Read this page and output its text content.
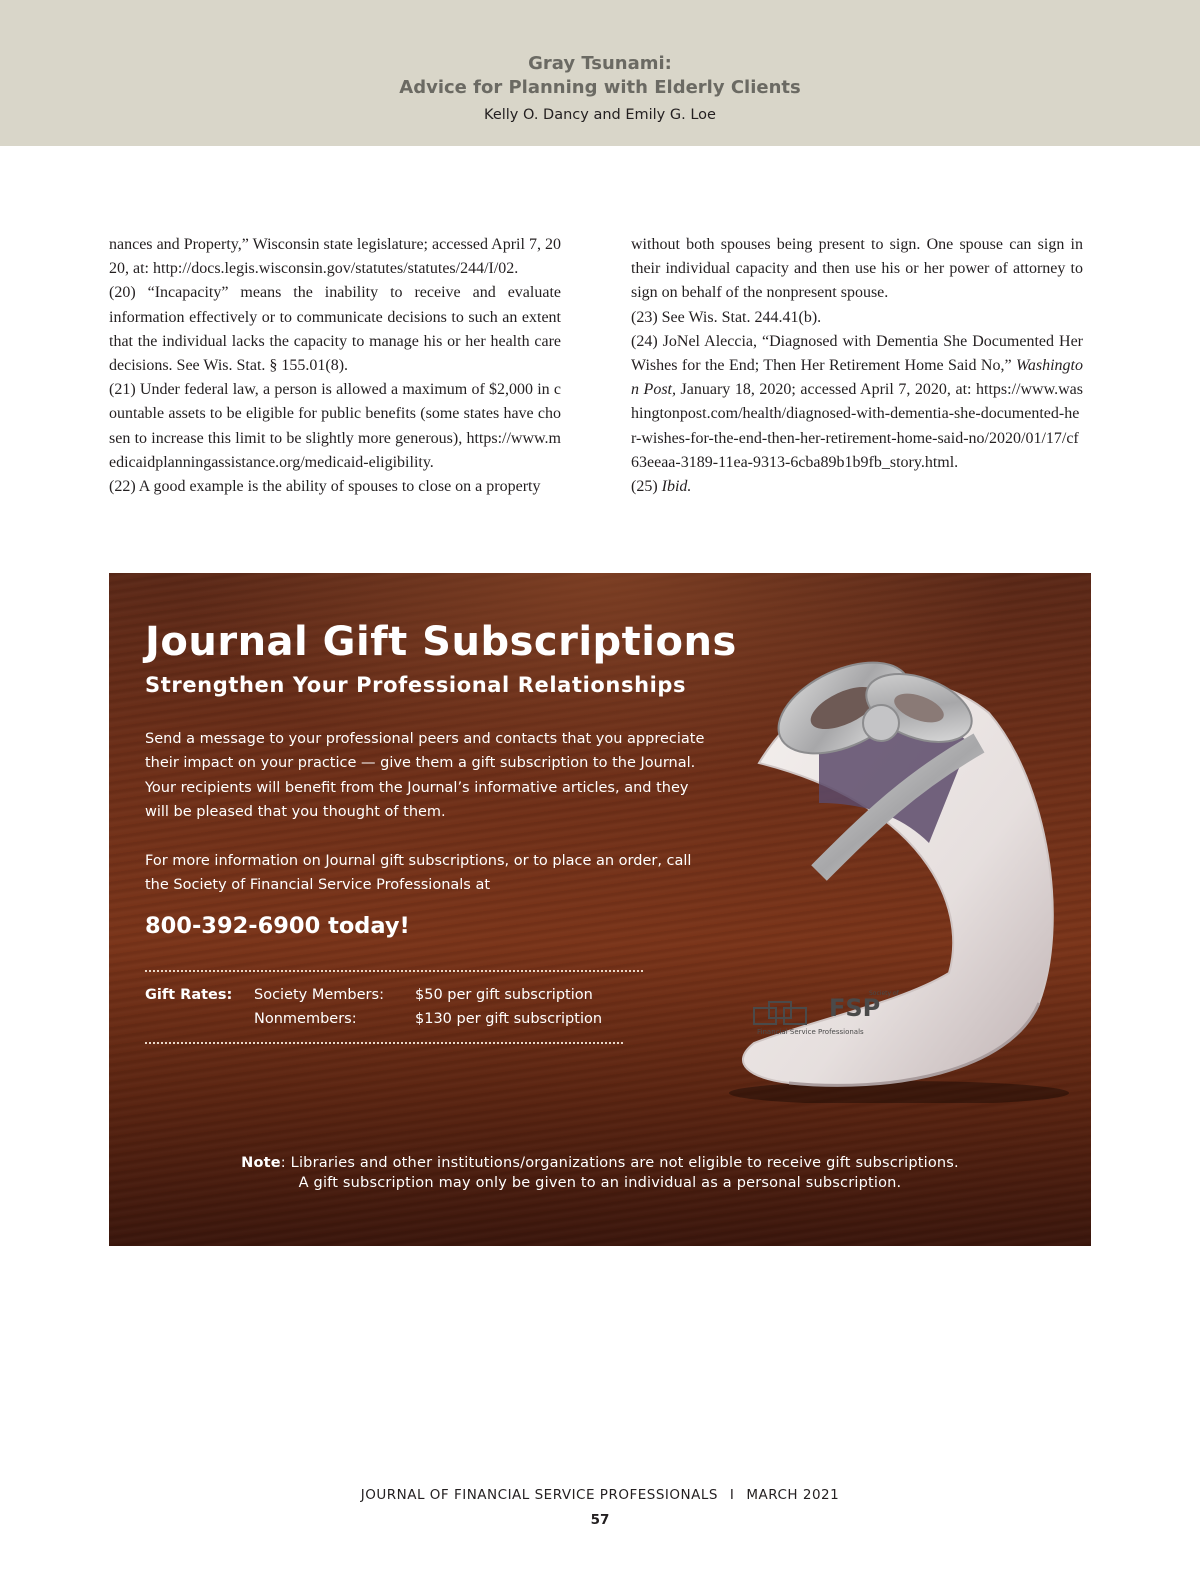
Gray Tsunami:
Advice for Planning with Elderly Clients
Kelly O. Dancy and Emily G. Loe

nances and Property,” Wisconsin state legislature; accessed April 7, 2020, at: http://docs.legis.wisconsin.gov/statutes/statutes/244/I/02.

(20) “Incapacity” means the inability to receive and evaluate information effectively or to communicate decisions to such an extent that the individual lacks the capacity to manage his or her health care decisions. See Wis. Stat. § 155.01(8).

(21) Under federal law, a person is allowed a maximum of $2,000 in countable assets to be eligible for public benefits (some states have chosen to increase this limit to be slightly more generous), https://www.medicaidplanningassistance.org/medicaid-eligibility.

(22) A good example is the ability of spouses to close on a property

without both spouses being present to sign. One spouse can sign in their individual capacity and then use his or her power of attorney to sign on behalf of the nonpresent spouse.

(23) See Wis. Stat. 244.41(b).

(24) JoNel Aleccia, “Diagnosed with Dementia She Documented Her Wishes for the End; Then Her Retirement Home Said No,” Washington Post, January 18, 2020; accessed April 7, 2020, at: https://www.washingtonpost.com/health/diagnosed-with-dementia-she-documented-her-wishes-for-the-end-then-her-retirement-home-said-no/2020/01/17/cf63eeaa-3189-11ea-9313-6cba89b1b9fb_story.html.

(25) Ibid.

Society of
FSP
Financial Service Professionals
Journal Gift Subscriptions
Strengthen Your Professional Relationships

Send a message to your professional peers and contacts that you appreciate their impact on your practice — give them a gift subscription to the Journal. Your recipients will benefit from the Journal’s informative articles, and they will be pleased that you thought of them.

For more information on Journal gift subscriptions, or to place an order, call the Society of Financial Service Professionals at

800-392-6900 today!
Gift Rates: Society Members: $50 per gift subscription
Nonmembers:	$130 per gift subscription
Note: Libraries and other institutions/organizations are not eligible to receive gift subscriptions.
A gift subscription may only be given to an individual as a personal subscription.
JOURNAL OF FINANCIAL SERVICE PROFESSIONALS I MARCH 2021
57
